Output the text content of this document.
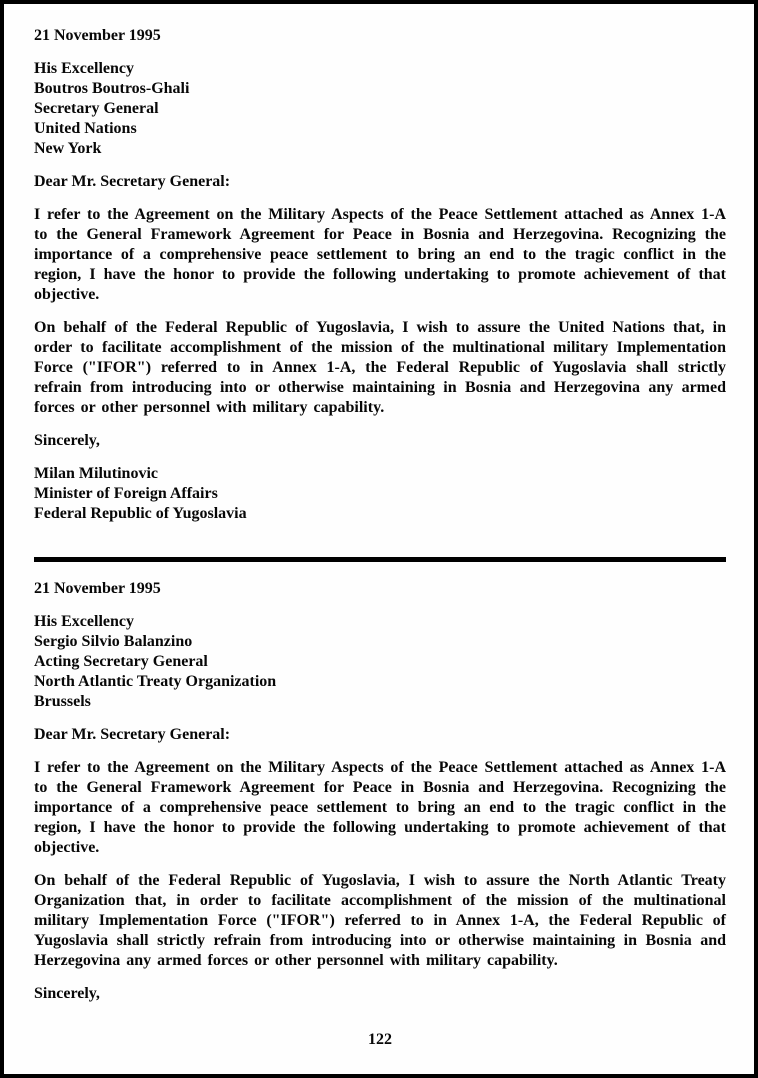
21 November 1995

His Excellency
Boutros Boutros-Ghali
Secretary General
United Nations
New York

Dear Mr. Secretary General:

I refer to the Agreement on the Military Aspects of the Peace Settlement attached as Annex 1-A to the General Framework Agreement for Peace in Bosnia and Herzegovina. Recognizing the importance of a comprehensive peace settlement to bring an end to the tragic conflict in the region, I have the honor to provide the following undertaking to promote achievement of that objective.

On behalf of the Federal Republic of Yugoslavia, I wish to assure the United Nations that, in order to facilitate accomplishment of the mission of the multinational military Implementation Force ("IFOR") referred to in Annex 1-A, the Federal Republic of Yugoslavia shall strictly refrain from introducing into or otherwise maintaining in Bosnia and Herzegovina any armed forces or other personnel with military capability.

Sincerely,

Milan Milutinovic
Minister of Foreign Affairs
Federal Republic of Yugoslavia

21 November 1995

His Excellency
Sergio Silvio Balanzino
Acting Secretary General
North Atlantic Treaty Organization
Brussels

Dear Mr. Secretary General:

I refer to the Agreement on the Military Aspects of the Peace Settlement attached as Annex 1-A to the General Framework Agreement for Peace in Bosnia and Herzegovina. Recognizing the importance of a comprehensive peace settlement to bring an end to the tragic conflict in the region, I have the honor to provide the following undertaking to promote achievement of that objective.

On behalf of the Federal Republic of Yugoslavia, I wish to assure the North Atlantic Treaty Organization that, in order to facilitate accomplishment of the mission of the multinational military Implementation Force ("IFOR") referred to in Annex 1-A, the Federal Republic of Yugoslavia shall strictly refrain from introducing into or otherwise maintaining in Bosnia and Herzegovina any armed forces or other personnel with military capability.

Sincerely,

122
